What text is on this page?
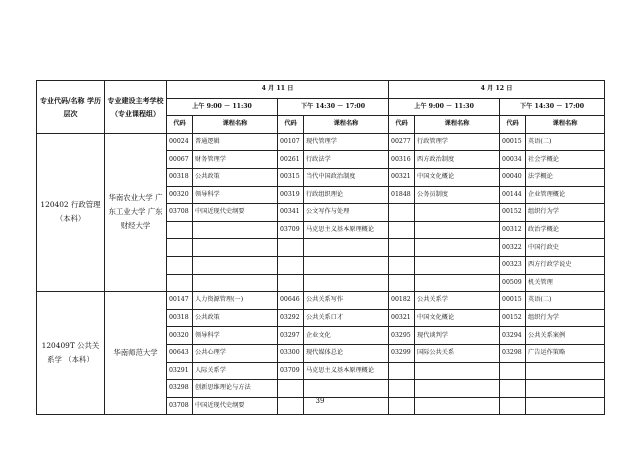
专业代码/名称 学历层次	专业建设主考学校 （专业课程组）	4 月 11 日				4 月 12 日			
		上午 9:00 － 11:30		下午 14:30 － 17:00		上午 9:00 － 11:30		下午 14:30 － 17:00	
		代码	课程名称	代码	课程名称	代码	课程名称	代码	课程名称
120402 行政管理 （本科）	华南农业大学 广东工业大学 广东财经大学	00024	普通逻辑	00107	现代管理学	00277	行政管理学	00015	英语(二)
		00067	财务管理学	00261	行政法学	00316	西方政治制度	00034	社会学概论
		00318	公共政策	00315	当代中国政治制度	00321	中国文化概论	00040	法学概论
		00320	领导科学	00319	行政组织理论	01848	公务员制度	00144	企业管理概论
		03708	中国近现代史纲要	00341	公文写作与处理			00152	组织行为学
				03709	马克思主义基本原理概论			00312	政治学概论
								00322	中国行政史
								00323	西方行政学说史
								00509	机关管理
120409T 公共关系学 （本科）	华南师范大学	00147	人力资源管理(一)	00646	公共关系写作	00182	公共关系学	00015	英语(二)
		00318	公共政策	03292	公共关系口才	00321	中国文化概论	00152	组织行为学
		00320	领导科学	03297	企业文化	03295	现代谈判学	03294	公共关系案例
		00643	公共心理学	03300	现代媒体总论	03299	国际公共关系	03298	广告运作策略
		03291	人际关系学	03709	马克思主义基本原理概论				
		03298	创新思维理论与方法						
		03708	中国近现代史纲要						
39
